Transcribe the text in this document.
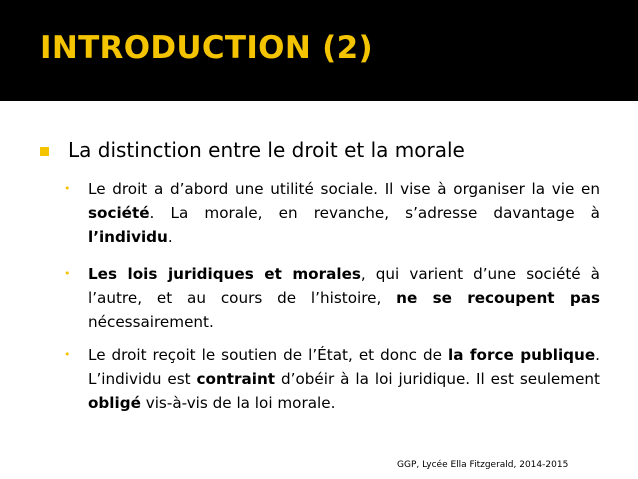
INTRODUCTION (2)
La distinction entre le droit et la morale
• Le droit a d’abord une utilité sociale. Il vise à organiser la vie en société. La morale, en revanche, s’adresse davantage à l’individu.
• Les lois juridiques et morales, qui varient d’une société à l’autre, et au cours de l’histoire, ne se recoupent pas nécessairement.
• Le droit reçoit le soutien de l’État, et donc de la force publique. L’individu est contraint d’obéir à la loi juridique. Il est seulement obligé vis-à-vis de la loi morale.
GGP, Lycée Ella Fitzgerald, 2014-2015
